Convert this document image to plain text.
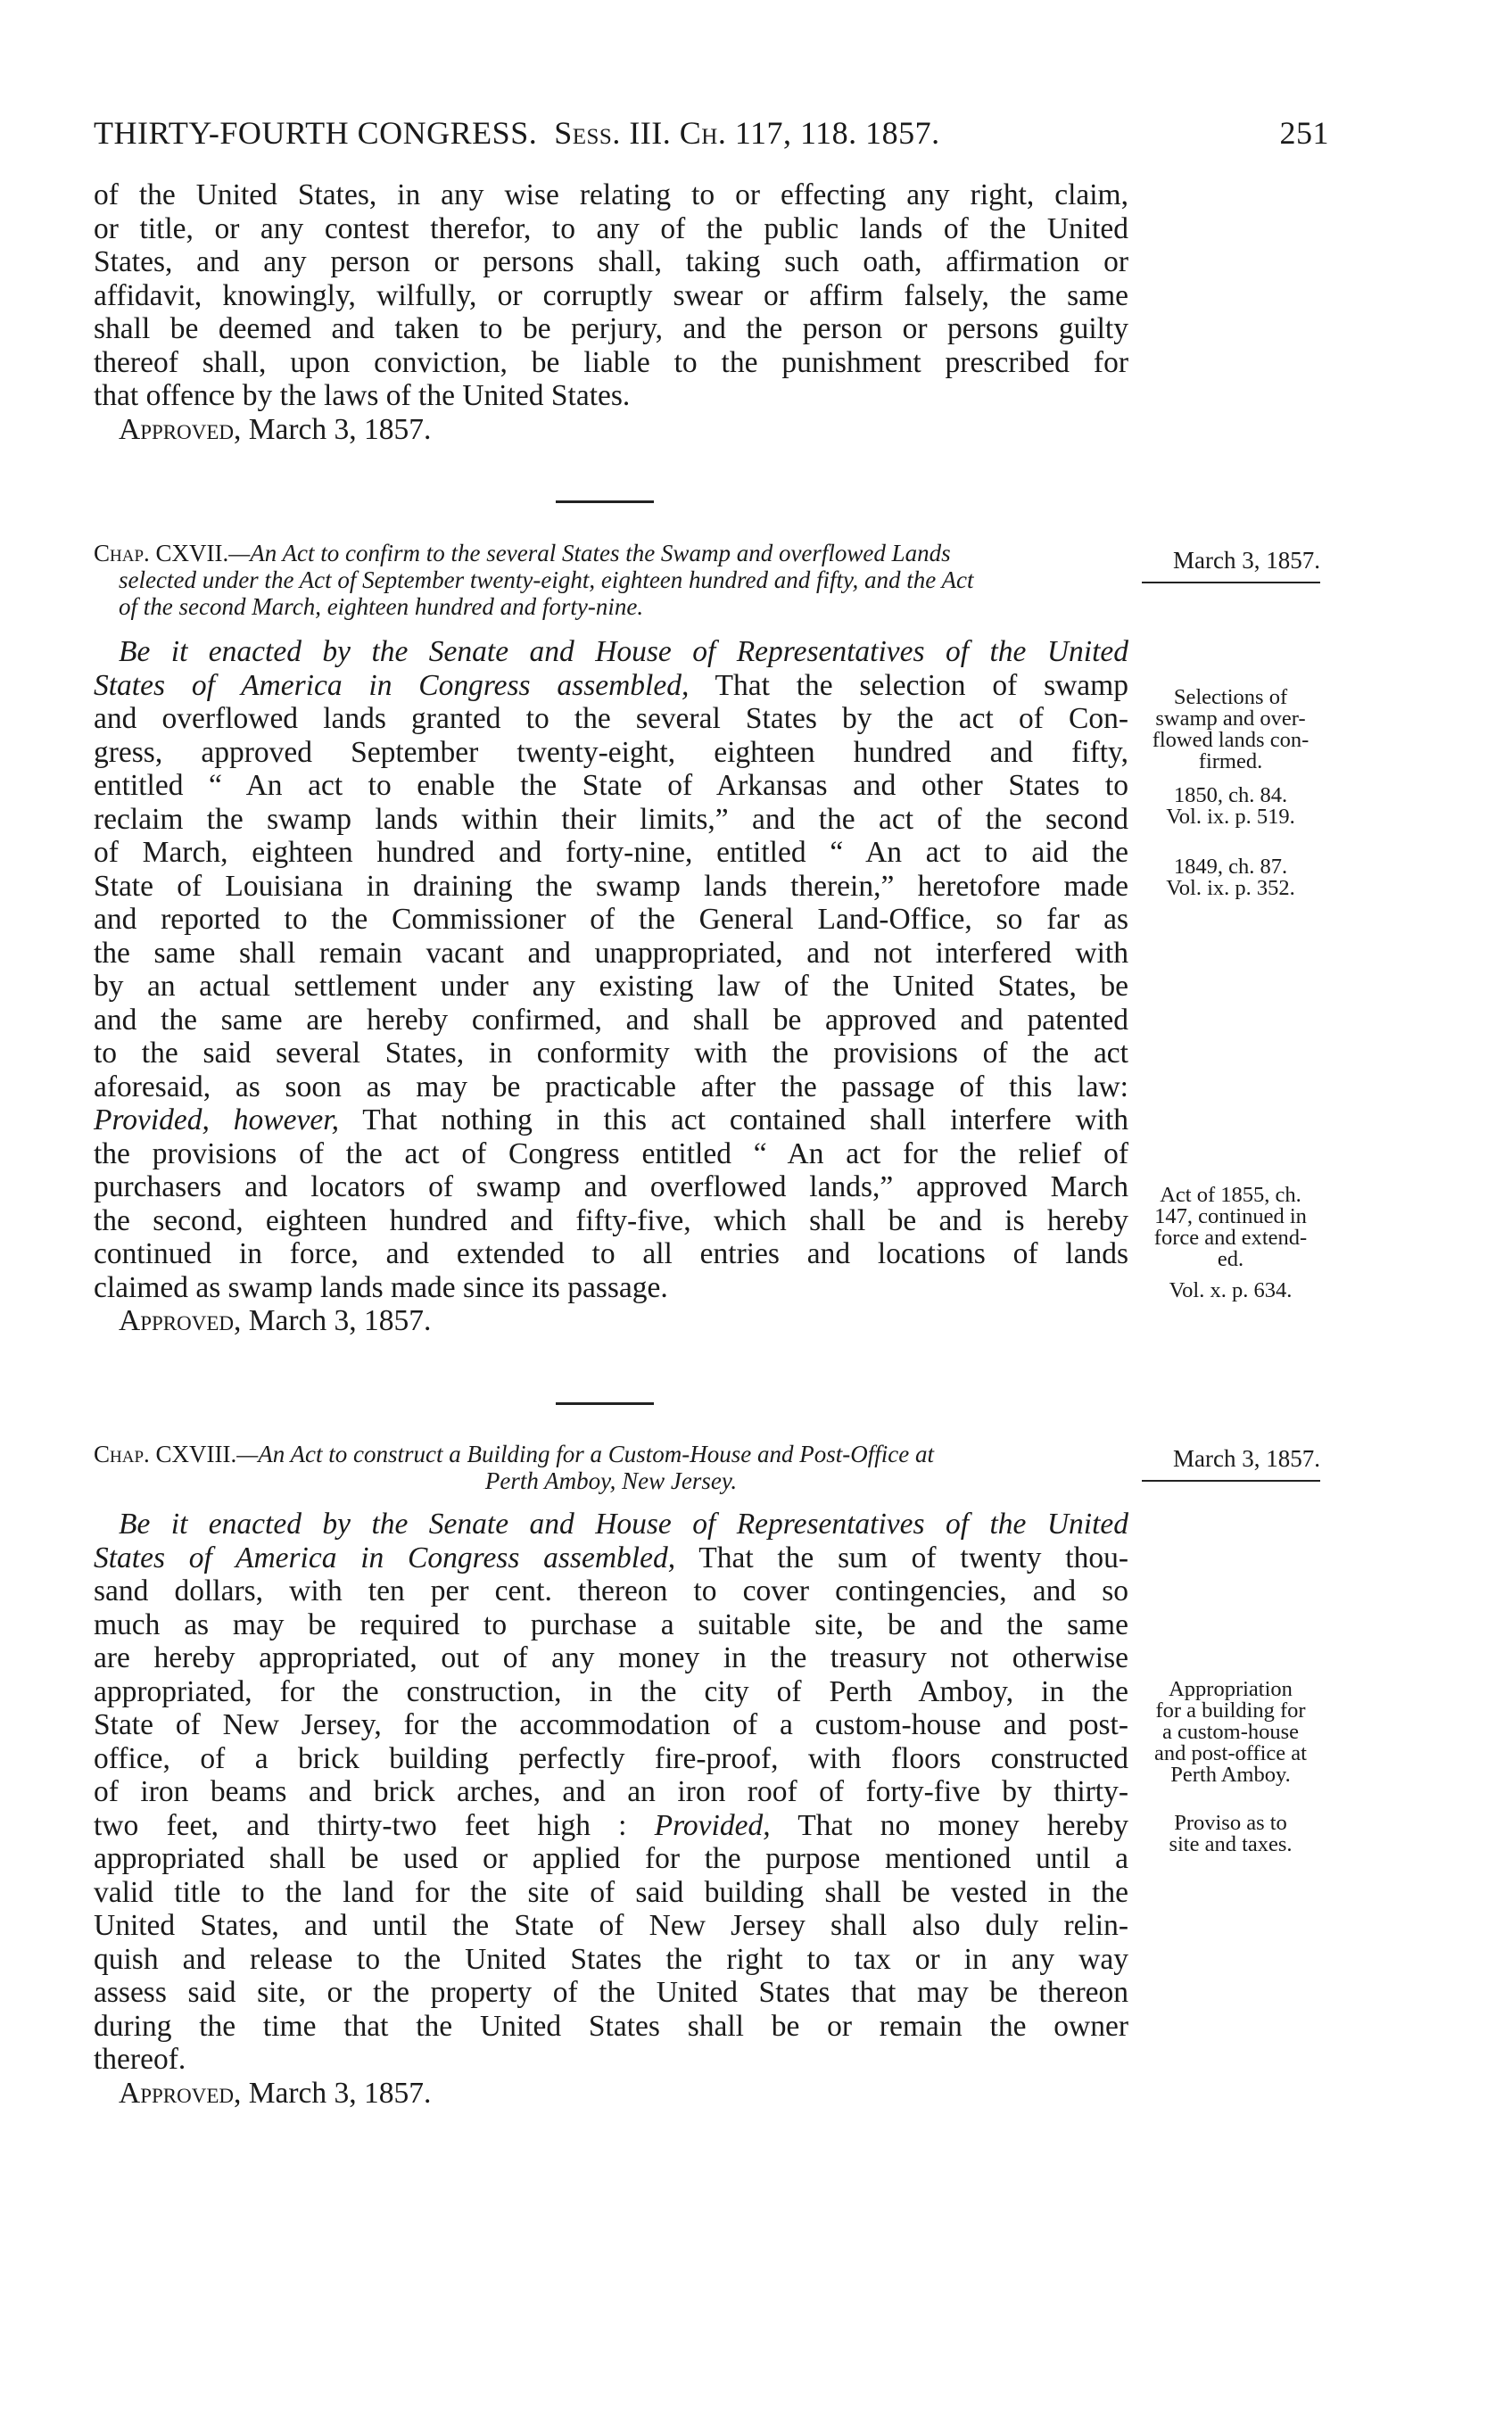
THIRTY-FOURTH CONGRESS. Sess. III. Ch. 117, 118. 1857.	251
of the United States, in any wise relating to or effecting any right, claim,
or title, or any contest therefor, to any of the public lands of the United
States, and any person or persons shall, taking such oath, affirmation or
affidavit, knowingly, wilfully, or corruptly swear or affirm falsely, the same
shall be deemed and taken to be perjury, and the person or persons guilty
thereof shall, upon conviction, be liable to the punishment prescribed for
that offence by the laws of the United States.
Approved, March 3, 1857.
Chap. CXVII.—An Act to confirm to the several States the Swamp and overflowed Lands
selected under the Act of September twenty-eight, eighteen hundred and fifty, and the Act
of the second March, eighteen hundred and forty-nine.
March 3, 1857.
Be it enacted by the Senate and House of Representatives of the United
States of America in Congress assembled, That the selection of swamp
and overflowed lands granted to the several States by the act of Con-
gress, approved September twenty-eight, eighteen hundred and fifty,
entitled “ An act to enable the State of Arkansas and other States to
reclaim the swamp lands within their limits,” and the act of the second
of March, eighteen hundred and forty-nine, entitled “ An act to aid the
State of Louisiana in draining the swamp lands therein,” heretofore made
and reported to the Commissioner of the General Land-Office, so far as
the same shall remain vacant and unappropriated, and not interfered with
by an actual settlement under any existing law of the United States, be
and the same are hereby confirmed, and shall be approved and patented
to the said several States, in conformity with the provisions of the act
aforesaid, as soon as may be practicable after the passage of this law:
Provided, however, That nothing in this act contained shall interfere with
the provisions of the act of Congress entitled “ An act for the relief of
purchasers and locators of swamp and overflowed lands,” approved March
the second, eighteen hundred and fifty-five, which shall be and is hereby
continued in force, and extended to all entries and locations of lands
claimed as swamp lands made since its passage.
Approved, March 3, 1857.
Selections of
swamp and over-
flowed lands con-
firmed.
1850, ch. 84.
Vol. ix. p. 519.
1849, ch. 87.
Vol. ix. p. 352.
Act of 1855, ch.
147, continued in
force and extend-
ed.
Vol. x. p. 634.
Chap. CXVIII.—An Act to construct a Building for a Custom-House and Post-Office at
Perth Amboy, New Jersey.
March 3, 1857.
Be it enacted by the Senate and House of Representatives of the United
States of America in Congress assembled, That the sum of twenty thou-
sand dollars, with ten per cent. thereon to cover contingencies, and so
much as may be required to purchase a suitable site, be and the same
are hereby appropriated, out of any money in the treasury not otherwise
appropriated, for the construction, in the city of Perth Amboy, in the
State of New Jersey, for the accommodation of a custom-house and post-
office, of a brick building perfectly fire-proof, with floors constructed
of iron beams and brick arches, and an iron roof of forty-five by thirty-
two feet, and thirty-two feet high : Provided, That no money hereby
appropriated shall be used or applied for the purpose mentioned until a
valid title to the land for the site of said building shall be vested in the
United States, and until the State of New Jersey shall also duly relin-
quish and release to the United States the right to tax or in any way
assess said site, or the property of the United States that may be thereon
during the time that the United States shall be or remain the owner
thereof.
Approved, March 3, 1857.
Appropriation
for a building for
a custom-house
and post-office at
Perth Amboy.
Proviso as to
site and taxes.
